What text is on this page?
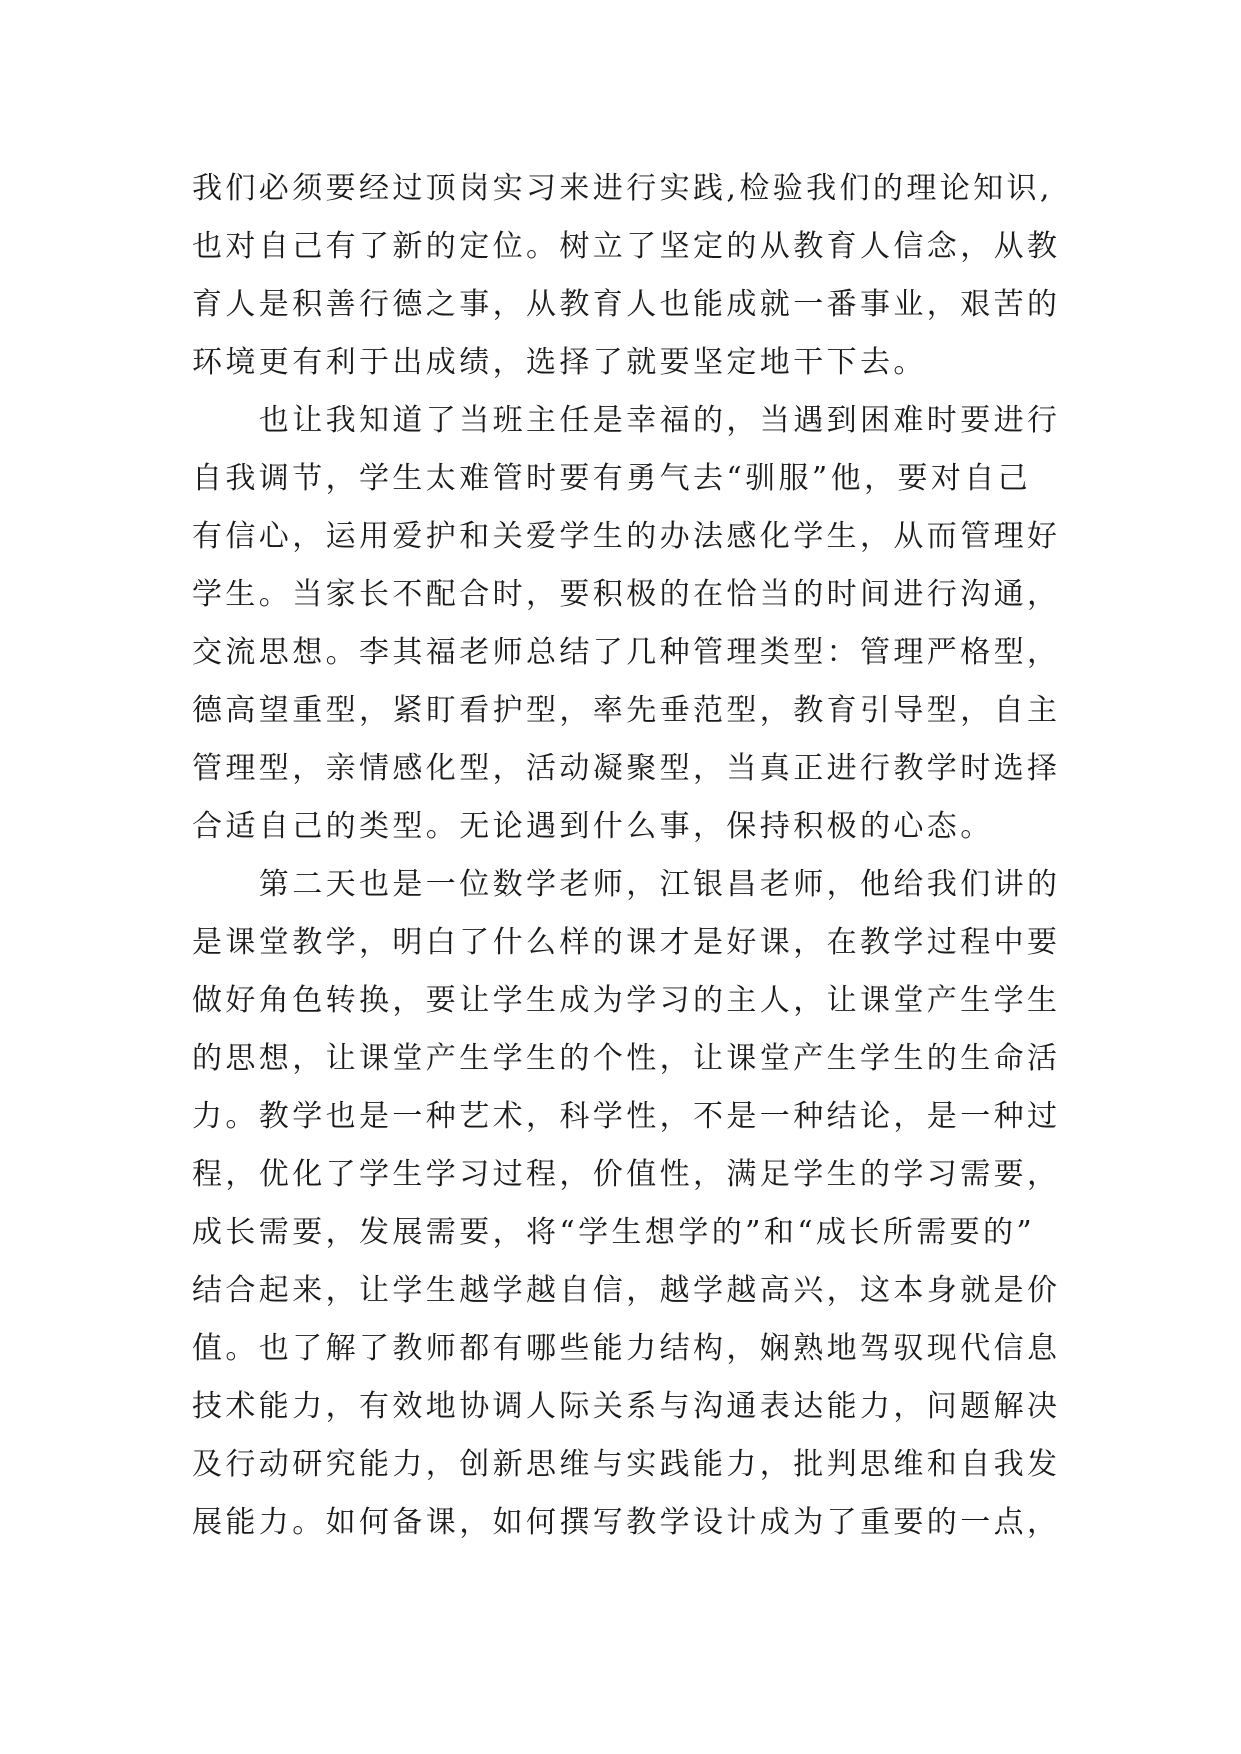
我们必须要经过顶岗实习来进行实践,检验我们的理论知识,
也对自己有了新的定位。树立了坚定的从教育人信念，从教
育人是积善行德之事，从教育人也能成就一番事业，艰苦的
环境更有利于出成绩，选择了就要坚定地干下去。
　　也让我知道了当班主任是幸福的，当遇到困难时要进行
自我调节，学生太难管时要有勇气去“驯服”他，要对自己
有信心，运用爱护和关爱学生的办法感化学生，从而管理好
学生。当家长不配合时，要积极的在恰当的时间进行沟通，
交流思想。李其福老师总结了几种管理类型：管理严格型，
德高望重型，紧盯看护型，率先垂范型，教育引导型，自主
管理型，亲情感化型，活动凝聚型，当真正进行教学时选择
合适自己的类型。无论遇到什么事，保持积极的心态。
　　第二天也是一位数学老师，江银昌老师，他给我们讲的
是课堂教学，明白了什么样的课才是好课，在教学过程中要
做好角色转换，要让学生成为学习的主人，让课堂产生学生
的思想，让课堂产生学生的个性，让课堂产生学生的生命活
力。教学也是一种艺术，科学性，不是一种结论，是一种过
程，优化了学生学习过程，价值性，满足学生的学习需要，
成长需要，发展需要，将“学生想学的”和“成长所需要的”
结合起来，让学生越学越自信，越学越高兴，这本身就是价
值。也了解了教师都有哪些能力结构，娴熟地驾驭现代信息
技术能力，有效地协调人际关系与沟通表达能力，问题解决
及行动研究能力，创新思维与实践能力，批判思维和自我发
展能力。如何备课，如何撰写教学设计成为了重要的一点，
